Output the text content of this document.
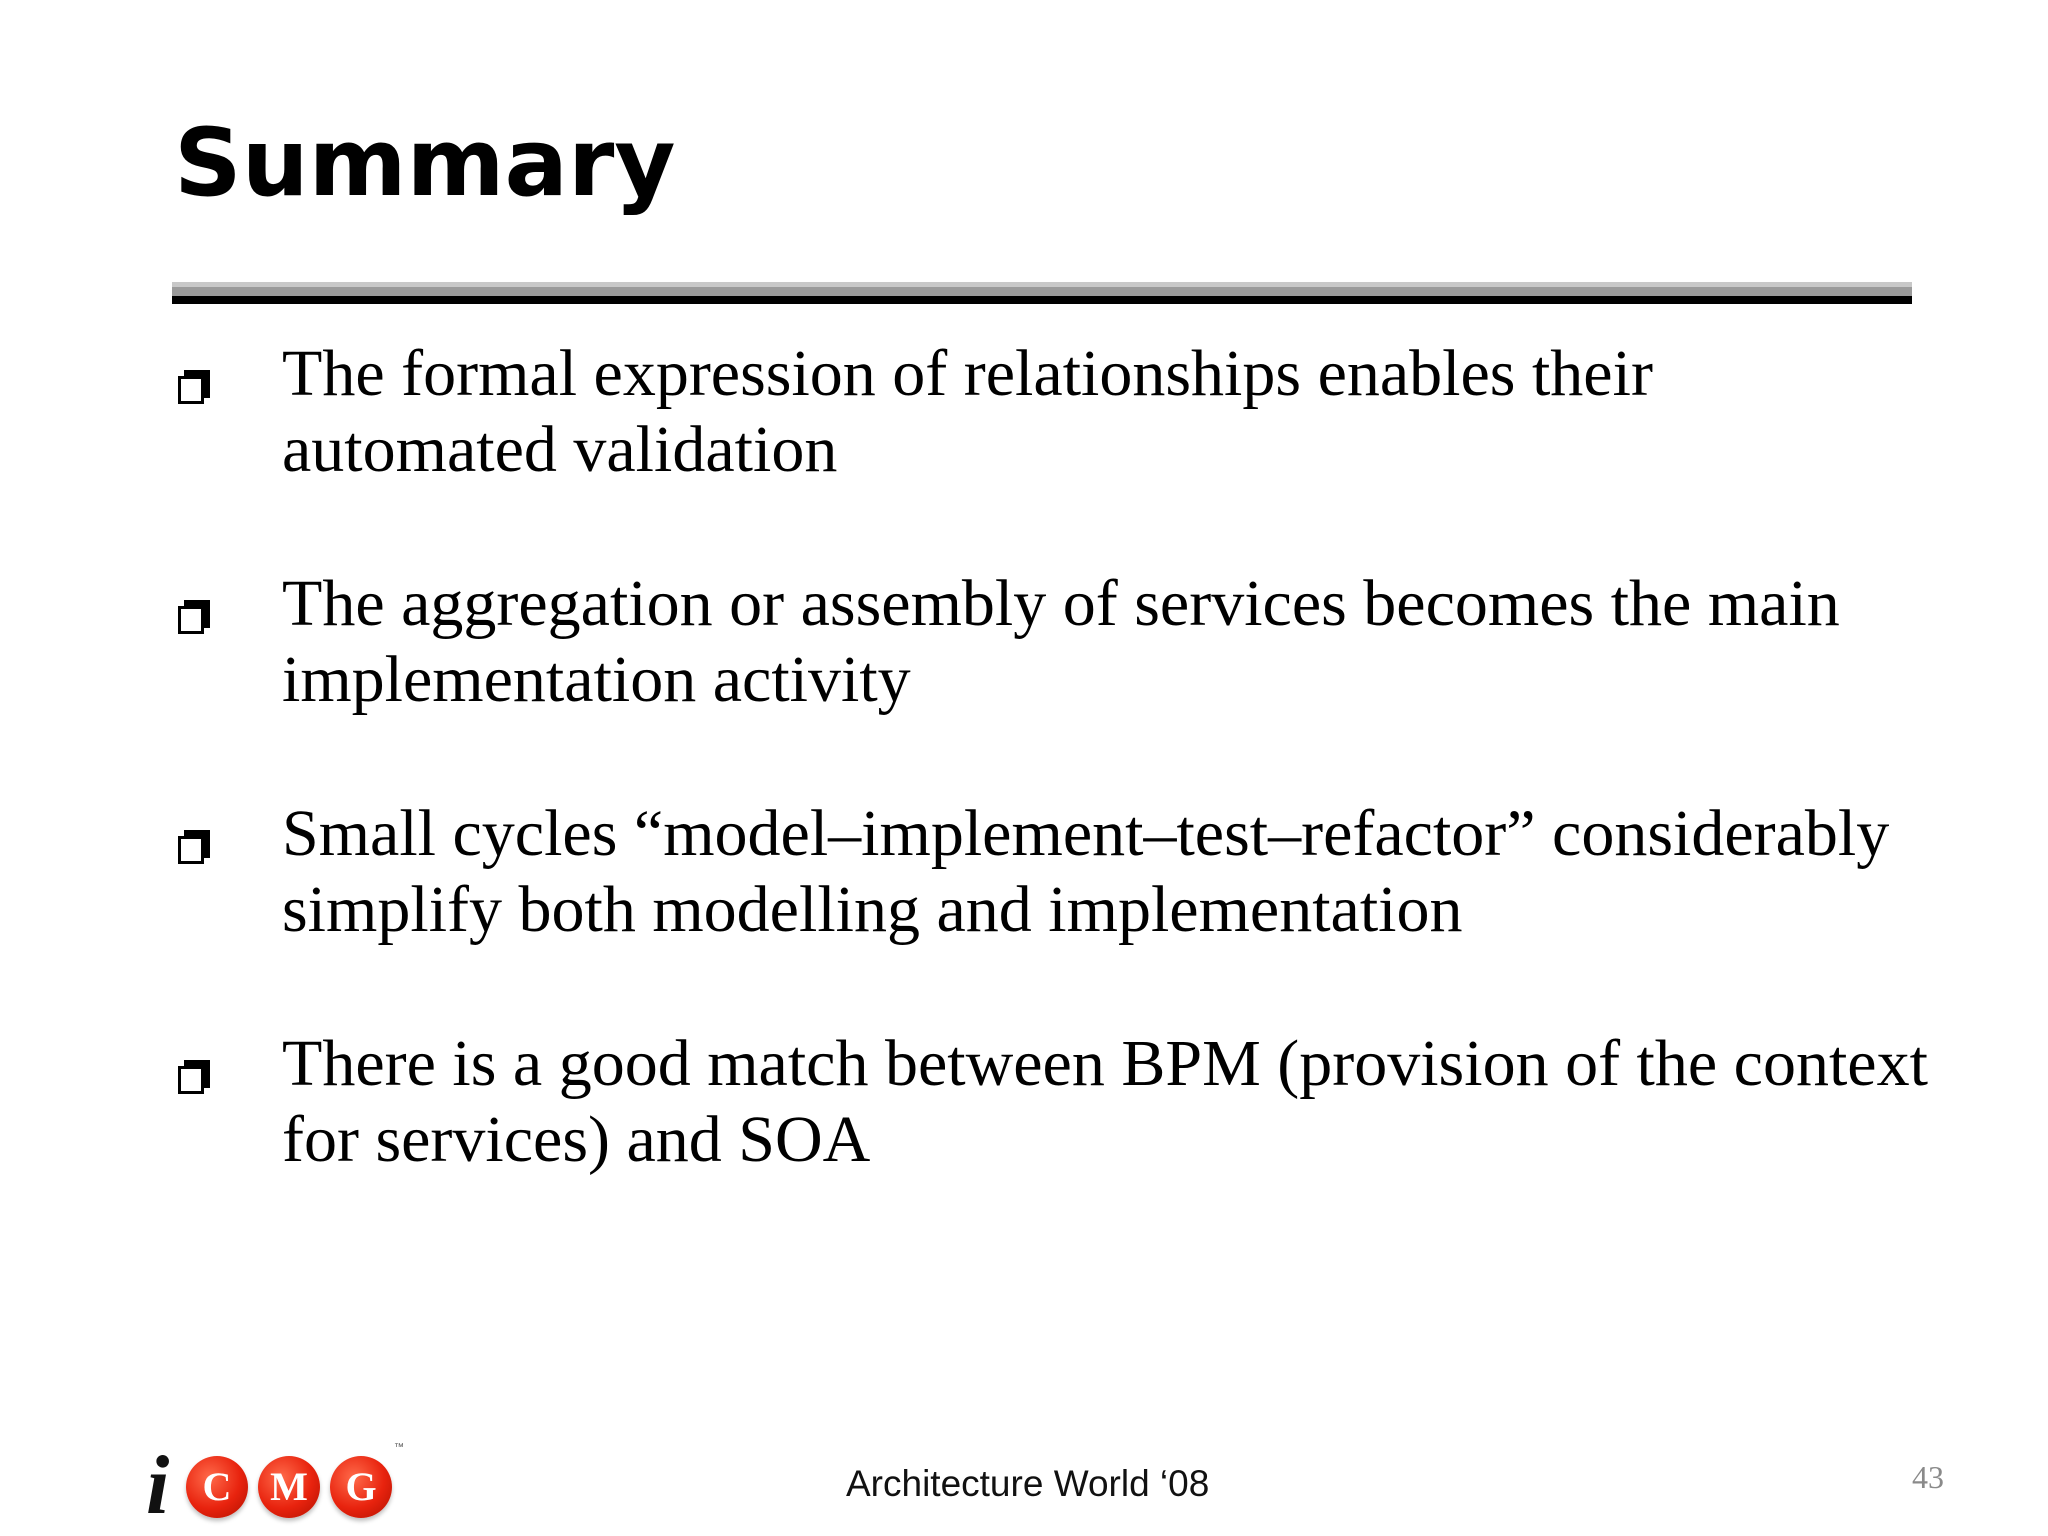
Summary
The formal expression of relationships enables their
automated validation
The aggregation or assembly of services becomes the main
implementation activity
Small cycles “model–implement–test–refactor” considerably
simplify both modelling and implementation
There is a good match between BPM (provision of the context
for services) and SOA
i C M G
™
Architecture World ‘08	43
